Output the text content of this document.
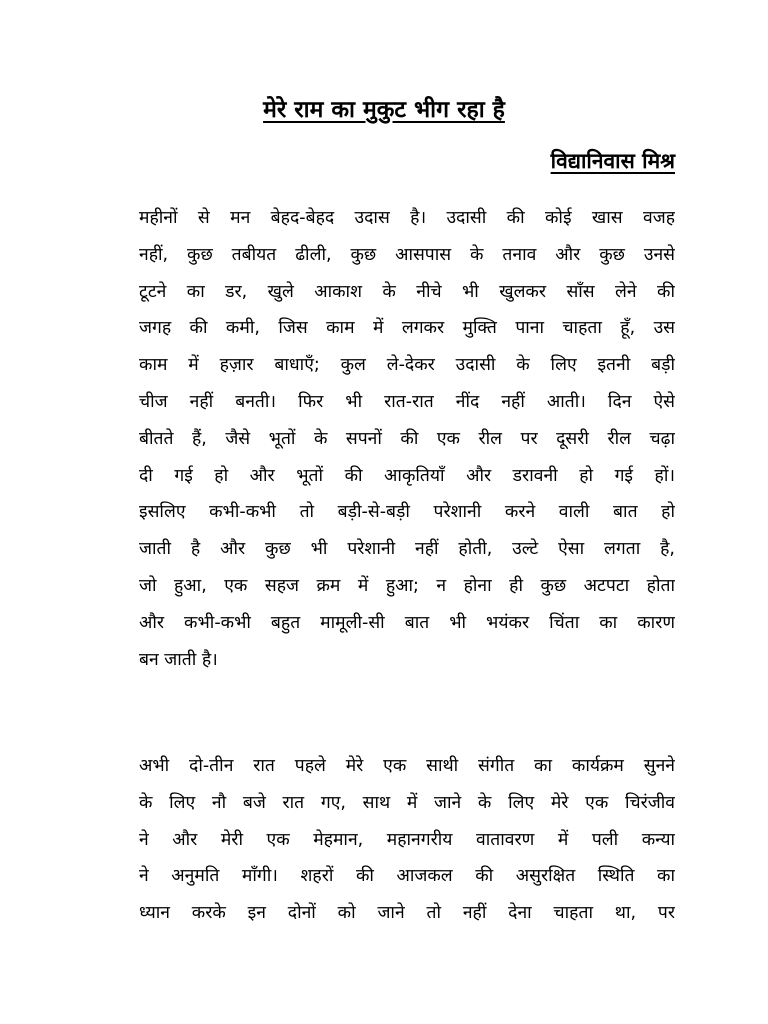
मेरे राम का मुकुट भीग रहा है
विद्यानिवास मिश्र
महीनों से मन बेहद-बेहद उदास है। उदासी की कोई खास वजह
नहीं, कुछ तबीयत ढीली, कुछ आसपास के तनाव और कुछ उनसे
टूटने का डर, खुले आकाश के नीचे भी खुलकर साँस लेने की
जगह की कमी, जिस काम में लगकर मुक्ति पाना चाहता हूँ, उस
काम में हज़ार बाधाएँ; कुल ले-देकर उदासी के लिए इतनी बड़ी
चीज नहीं बनती। फिर भी रात-रात नींद नहीं आती। दिन ऐसे
बीतते हैं, जैसे भूतों के सपनों की एक रील पर दूसरी रील चढ़ा
दी गई हो और भूतों की आकृतियाँ और डरावनी हो गई हों।
इसलिए कभी-कभी तो बड़ी-से-बड़ी परेशानी करने वाली बात हो
जाती है और कुछ भी परेशानी नहीं होती, उल्टे ऐसा लगता है,
जो हुआ, एक सहज क्रम में हुआ; न होना ही कुछ अटपटा होता
और कभी-कभी बहुत मामूली-सी बात भी भयंकर चिंता का कारण
बन जाती है।
अभी दो-तीन रात पहले मेरे एक साथी संगीत का कार्यक्रम सुनने
के लिए नौ बजे रात गए, साथ में जाने के लिए मेरे एक चिरंजीव
ने और मेरी एक मेहमान, महानगरीय वातावरण में पली कन्या
ने अनुमति माँगी। शहरों की आजकल की असुरक्षित स्थिति का
ध्यान करके इन दोनों को जाने तो नहीं देना चाहता था, पर
